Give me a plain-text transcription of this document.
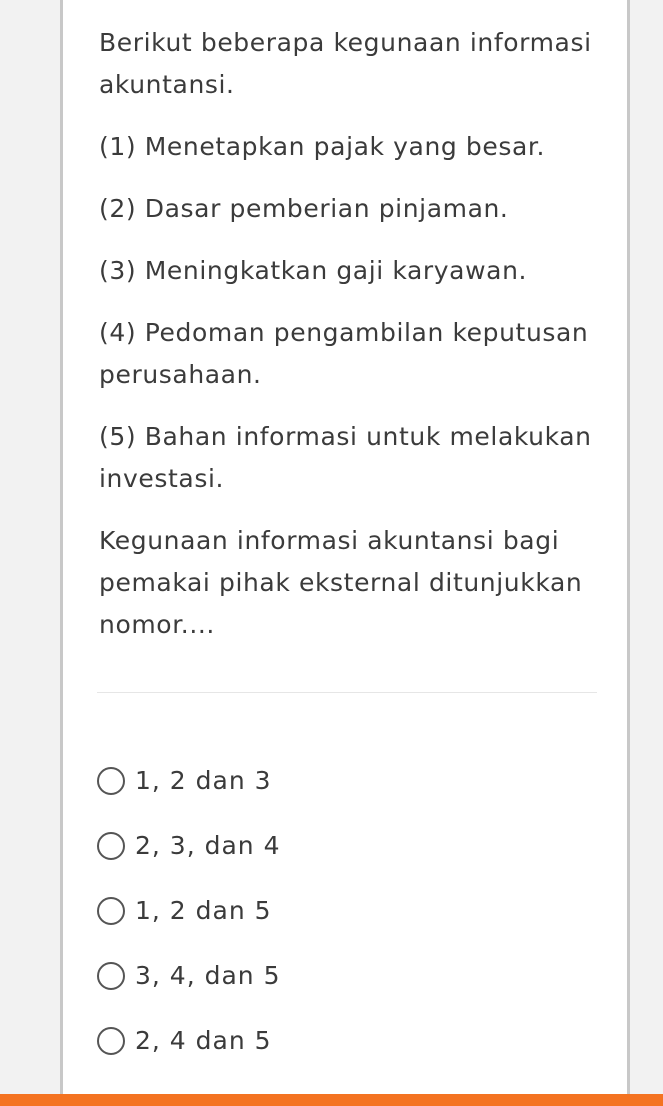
Berikut beberapa kegunaan informasi akuntansi.

(1) Menetapkan pajak yang besar.

(2) Dasar pemberian pinjaman.

(3) Meningkatkan gaji karyawan.

(4) Pedoman pengambilan keputusan perusahaan.

(5) Bahan informasi untuk melakukan investasi.

Kegunaan informasi akuntansi bagi pemakai pihak eksternal ditunjukkan nomor....

1, 2 dan 3
2, 3, dan 4
1, 2 dan 5
3, 4, dan 5
2, 4 dan 5
